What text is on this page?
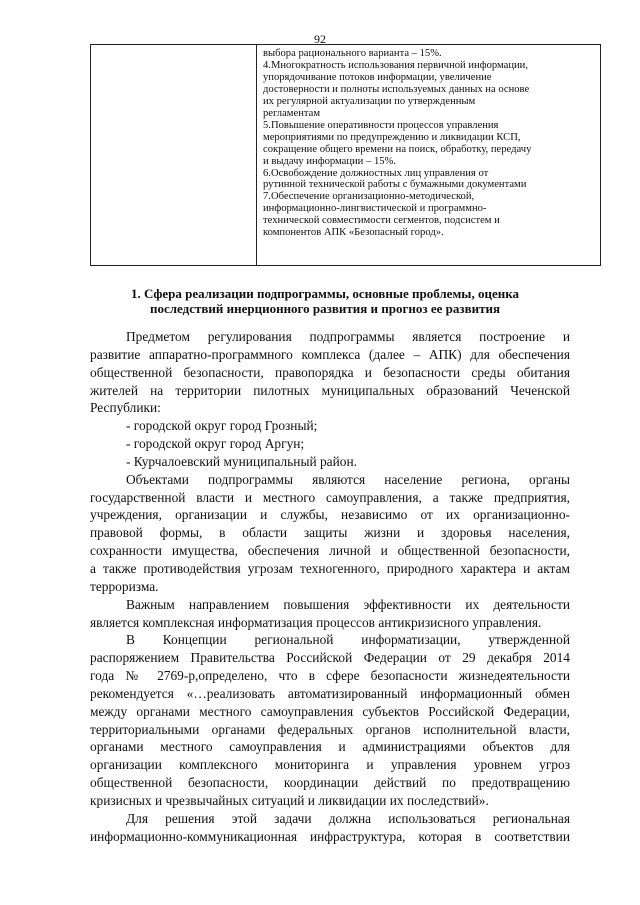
92
выбора рационального варианта – 15%.
4.Многократность использования первичной информации,
упорядочивание потоков информации, увеличение
достоверности и полноты используемых данных на основе
их регулярной актуализации по утвержденным
регламентам
5.Повышение оперативности процессов управления
мероприятиями по предупреждению и ликвидации КСП,
сокращение общего времени на поиск, обработку, передачу
и выдачу информации – 15%.
6.Освобождение должностных лиц управления от
рутинной технической работы с бумажными документами
7.Обеспечение организационно-методической,
информационно-лингвистической и программно-
технической совместимости сегментов, подсистем и
компонентов АПК «Безопасный город».
1. Сфера реализации подпрограммы, основные проблемы, оценка
последствий инерционного развития и прогноз ее развития
Предметом регулирования подпрограммы является построение и
развитие аппаратно-программного комплекса (далее – АПК) для обеспечения
общественной безопасности, правопорядка и безопасности среды обитания
жителей на территории пилотных муниципальных образований Чеченской
Республики:
- городской округ город Грозный;
- городской округ город Аргун;
- Курчалоевский муниципальный район.
Объектами подпрограммы являются население региона, органы
государственной власти и местного самоуправления, а также предприятия,
учреждения, организации и службы, независимо от их организационно-
правовой формы, в области защиты жизни и здоровья населения,
сохранности имущества, обеспечения личной и общественной безопасности,
а также противодействия угрозам техногенного, природного характера и актам
терроризма.
Важным направлением повышения эффективности их деятельности
является комплексная информатизация процессов антикризисного управления.
В Концепции региональной информатизации, утвержденной
распоряжением Правительства Российской Федерации от 29 декабря 2014
года № 2769-р,определено, что в сфере безопасности жизнедеятельности
рекомендуется «…реализовать автоматизированный информационный обмен
между органами местного самоуправления субъектов Российской Федерации,
территориальными органами федеральных органов исполнительной власти,
органами местного самоуправления и администрациями объектов для
организации комплексного мониторинга и управления уровнем угроз
общественной безопасности, координации действий по предотвращению
кризисных и чрезвычайных ситуаций и ликвидации их последствий».
Для решения этой задачи должна использоваться региональная
информационно-коммуникационная инфраструктура, которая в соответствии
